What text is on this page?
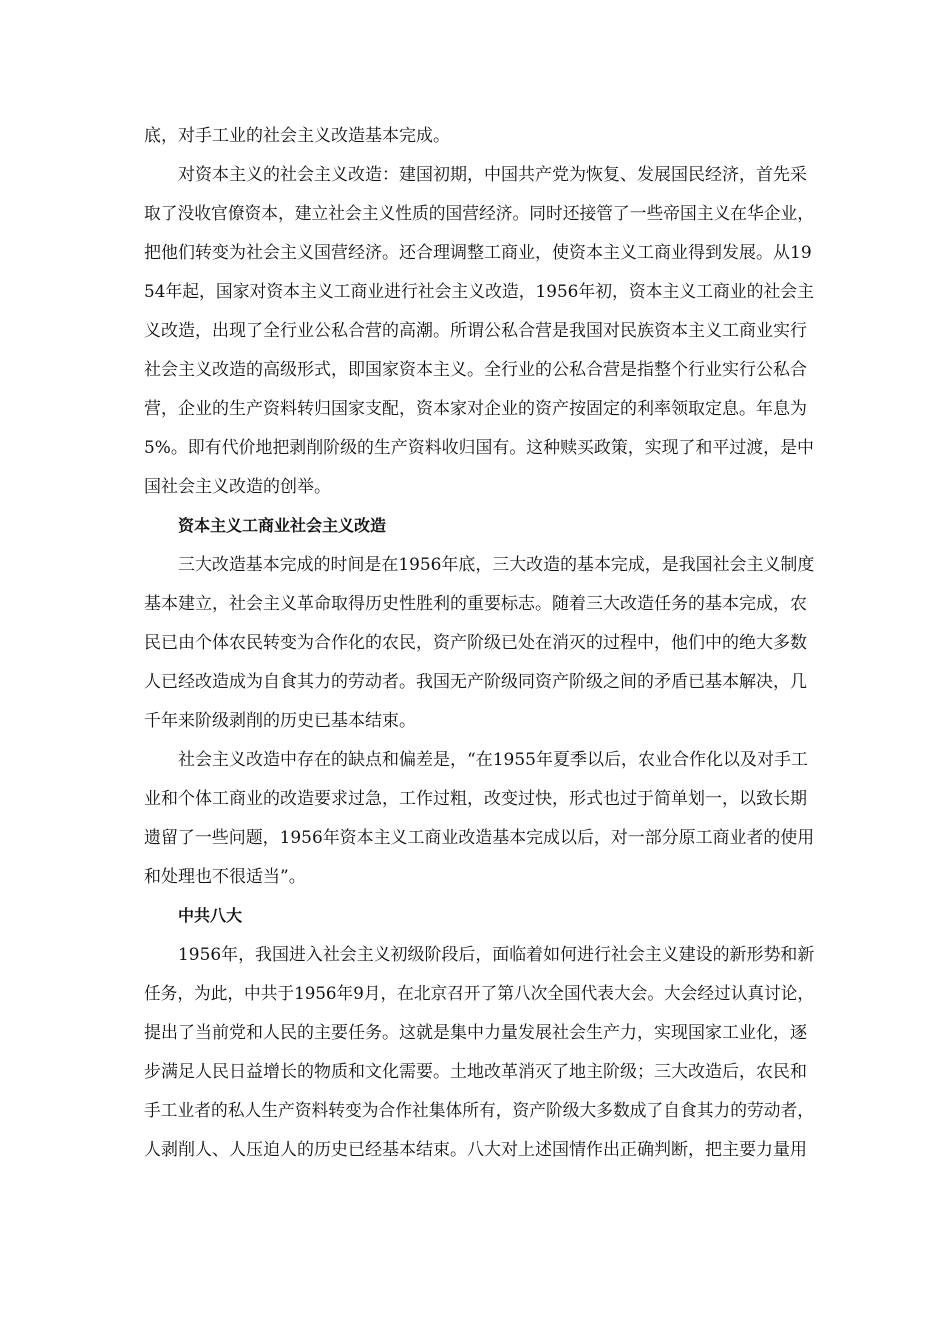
底，对手工业的社会主义改造基本完成。
对资本主义的社会主义改造：建国初期，中国共产党为恢复、发展国民经济，首先采
取了没收官僚资本，建立社会主义性质的国营经济。同时还接管了一些帝国主义在华企业，
把他们转变为社会主义国营经济。还合理调整工商业，使资本主义工商业得到发展。从19
54年起，国家对资本主义工商业进行社会主义改造，1956年初，资本主义工商业的社会主
义改造，出现了全行业公私合营的高潮。所谓公私合营是我国对民族资本主义工商业实行
社会主义改造的高级形式，即国家资本主义。全行业的公私合营是指整个行业实行公私合
营，企业的生产资料转归国家支配，资本家对企业的资产按固定的利率领取定息。年息为
5%。即有代价地把剥削阶级的生产资料收归国有。这种赎买政策，实现了和平过渡，是中
国社会主义改造的创举。
资本主义工商业社会主义改造
三大改造基本完成的时间是在1956年底，三大改造的基本完成，是我国社会主义制度
基本建立，社会主义革命取得历史性胜利的重要标志。随着三大改造任务的基本完成，农
民已由个体农民转变为合作化的农民，资产阶级已处在消灭的过程中，他们中的绝大多数
人已经改造成为自食其力的劳动者。我国无产阶级同资产阶级之间的矛盾已基本解决，几
千年来阶级剥削的历史已基本结束。
社会主义改造中存在的缺点和偏差是，“在1955年夏季以后，农业合作化以及对手工
业和个体工商业的改造要求过急，工作过粗，改变过快，形式也过于简单划一，以致长期
遗留了一些问题，1956年资本主义工商业改造基本完成以后，对一部分原工商业者的使用
和处理也不很适当”。
中共八大
1956年，我国进入社会主义初级阶段后，面临着如何进行社会主义建设的新形势和新
任务，为此，中共于1956年9月，在北京召开了第八次全国代表大会。大会经过认真讨论，
提出了当前党和人民的主要任务。这就是集中力量发展社会生产力，实现国家工业化，逐
步满足人民日益增长的物质和文化需要。土地改革消灭了地主阶级；三大改造后，农民和
手工业者的私人生产资料转变为合作社集体所有，资产阶级大多数成了自食其力的劳动者，
人剥削人、人压迫人的历史已经基本结束。八大对上述国情作出正确判断，把主要力量用
